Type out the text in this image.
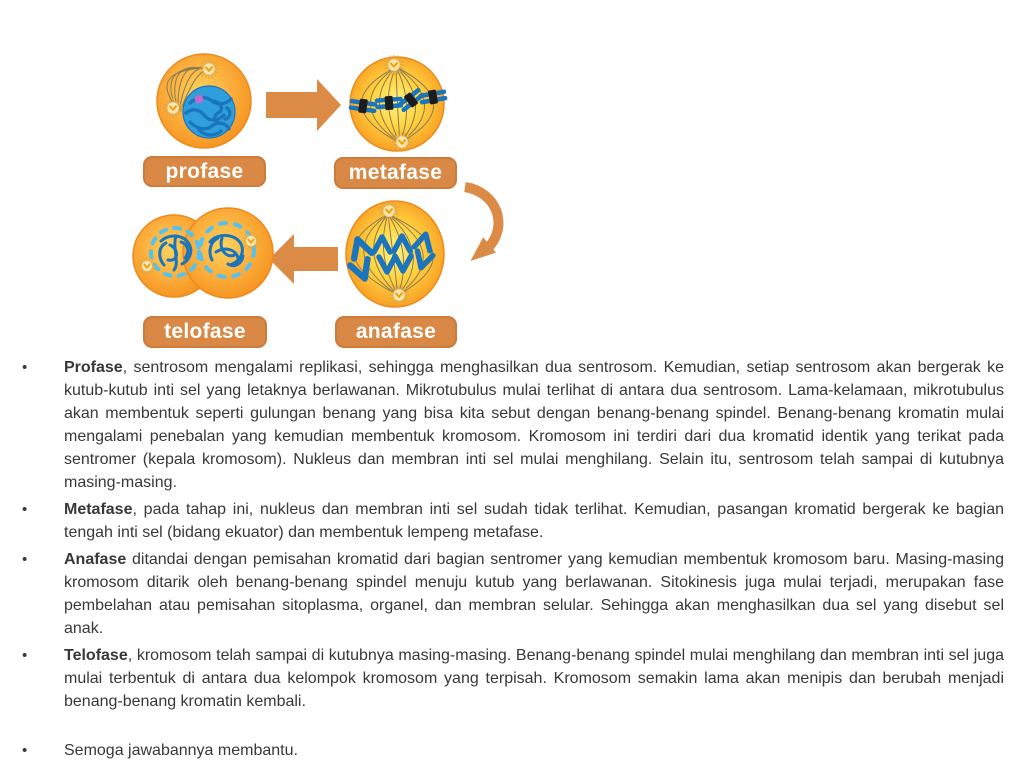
profase	metafase
telofase	anafase
•	Profase, sentrosom mengalami replikasi, sehingga menghasilkan dua sentrosom. Kemudian, setiap sentrosom akan bergerak ke kutub-kutub inti sel yang letaknya berlawanan. Mikrotubulus mulai terlihat di antara dua sentrosom. Lama-kelamaan, mikrotubulus akan membentuk seperti gulungan benang yang bisa kita sebut dengan benang-benang spindel. Benang-benang kromatin mulai mengalami penebalan yang kemudian membentuk kromosom. Kromosom ini terdiri dari dua kromatid identik yang terikat pada sentromer (kepala kromosom). Nukleus dan membran inti sel mulai menghilang. Selain itu, sentrosom telah sampai di kutubnya masing-masing.
•	Metafase, pada tahap ini, nukleus dan membran inti sel sudah tidak terlihat. Kemudian, pasangan kromatid bergerak ke bagian tengah inti sel (bidang ekuator) dan membentuk lempeng metafase.
•	Anafase ditandai dengan pemisahan kromatid dari bagian sentromer yang kemudian membentuk kromosom baru. Masing-masing kromosom ditarik oleh benang-benang spindel menuju kutub yang berlawanan. Sitokinesis juga mulai terjadi, merupakan fase pembelahan atau pemisahan sitoplasma, organel, dan membran selular. Sehingga akan menghasilkan dua sel yang disebut sel anak.
•	Telofase, kromosom telah sampai di kutubnya masing-masing. Benang-benang spindel mulai menghilang dan membran inti sel juga mulai terbentuk di antara dua kelompok kromosom yang terpisah. Kromosom semakin lama akan menipis dan berubah menjadi benang-benang kromatin kembali.
•	Semoga jawabannya membantu.
